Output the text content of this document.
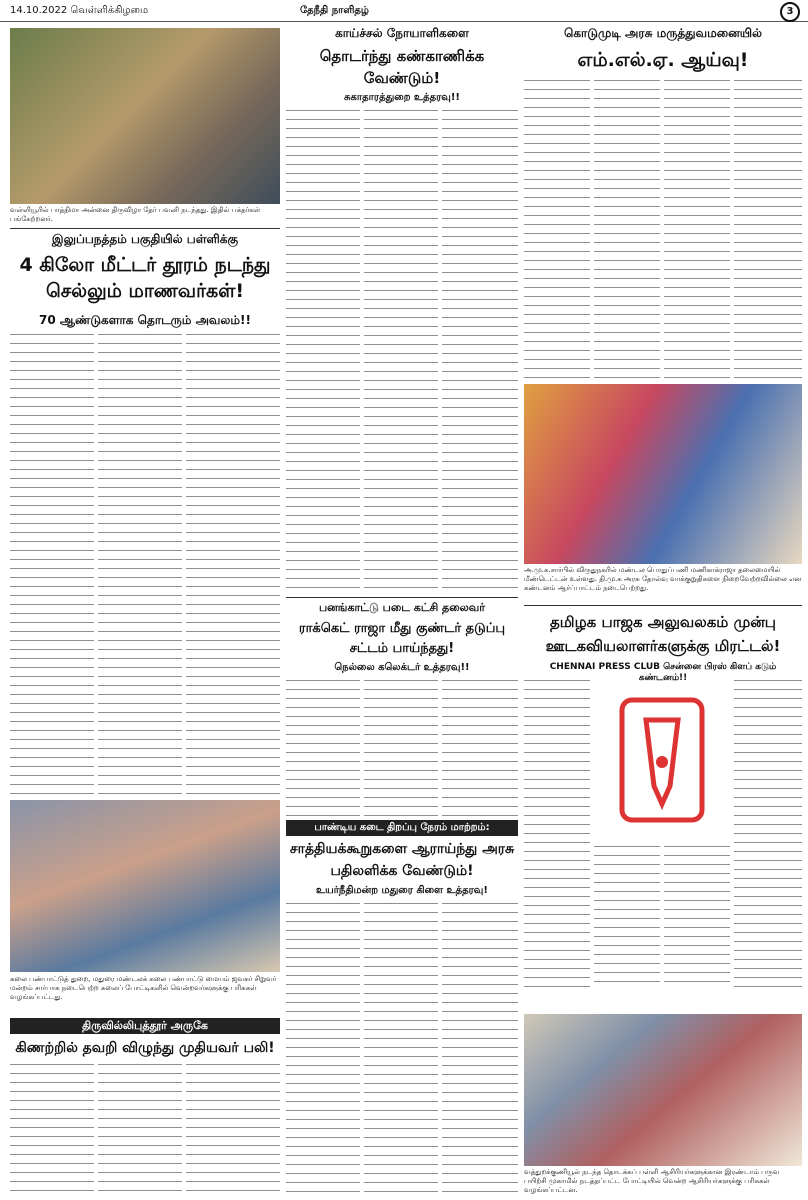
14.10.2022 வெள்ளிக்கிழமை	தேநீதி நாளிதழ்	3
வள்ளியூரில் பாத்திமா அன்னை திருவிழா தேர் பவனி நடந்தது. இதில் பக்தர்கள் பங்கேற்றனர்.
இலுப்பநத்தம் பகுதியில் பள்ளிக்கு
4 கிலோ மீட்டர் தூரம் நடந்து செல்லும் மாணவர்கள்!
70 ஆண்டுகளாக தொடரும் அவலம்!!
கலை பண்பாட்டுத் துறை, மதுரை மண்டலக் கலை பண்பாட்டு மையம் ஜவகர் சிறுவர் மன்றம் சார்பாக நடைபெற்ற கலைப் போட்டிகளில் வென்றவர்களுக்கு பரிசுகள் வழங்கப்பட்டது.
திருவில்லிபுத்தூர் அருகே
கிணற்றில் தவறி விழுந்து முதியவர் பலி!
காய்ச்சல் நோயாளிகளை
தொடர்ந்து கண்காணிக்க வேண்டும்!
சுகாதாரத்துறை உத்தரவு!!
பனங்காட்டு படை கட்சி தலைவர்
ராக்கெட் ராஜா மீது குண்டர் தடுப்பு சட்டம் பாய்ந்தது!
நெல்லை கலெக்டர் உத்தரவு!!
பாண்டிய கடை திறப்பு நேரம் மாற்றம்:
சாத்தியக்கூறுகளை ஆராய்ந்து அரசு பதிலளிக்க வேண்டும்!
உயர்நீதிமன்ற மதுரை கிளை உத்தரவு!
கொடுமுடி அரசு மருத்துவமனையில்
எம்.எல்.ஏ. ஆய்வு!
அ.மு.க.சார்பில் விருதுநகரில் மண்டல பொதுப்பணி மணிகாக்ராஜா தலைமையில் மீண்டெட்டன் உள்ளது. தி.மு.க அரசு தோல்வு வாக்குறுதிகளை நிறைவேற்றவில்லை என கண்டனம் ஆர்ப்பாட்டம் நடைபெற்றது.
தமிழக பாஜக அலுவலகம் முன்பு ஊடகவியலாளர்களுக்கு மிரட்டல்!
CHENNAI PRESS CLUB சென்னை பிரஸ் கிளப் கடும் கண்டனம்!!
வத்துறக்குணியூல் நடந்த தொடக்கப் பள்ளி ஆசிரியர்களுக்கான இரண்டாம் பருவ பயிற்சி முகாமில் நடத்தப்பட்ட போட்டியில் வென்ற ஆசிரியர்களுக்கு பரிசுகள் வழங்கப்பட்டன.
